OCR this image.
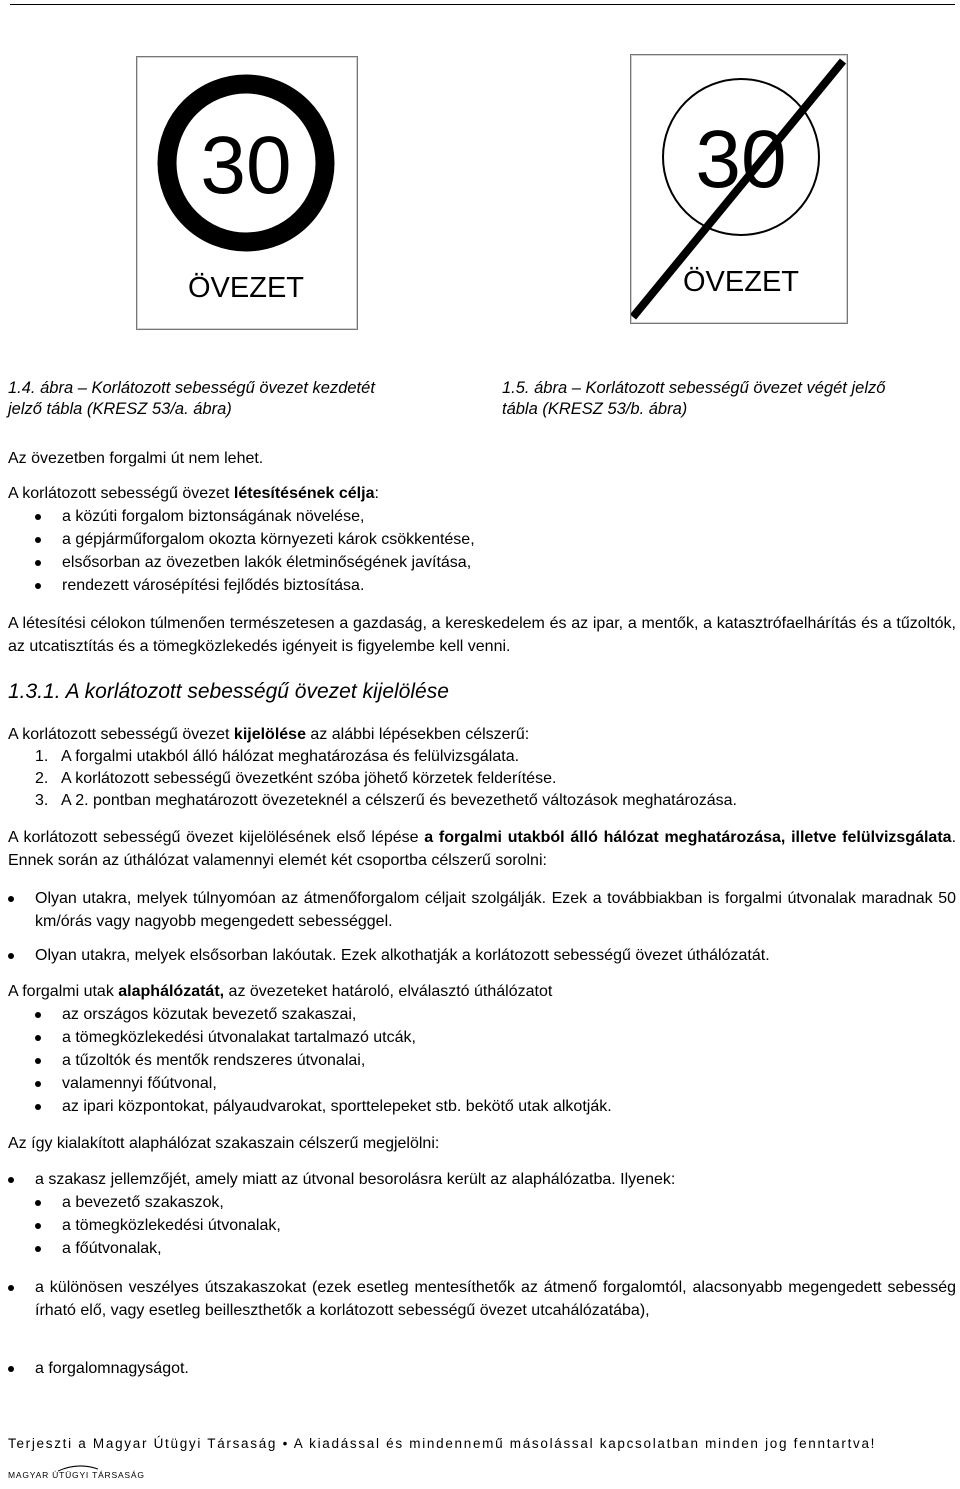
30
ÖVEZET
30
ÖVEZET
1.4. ábra – Korlátozott sebességű övezet kezdetét
jelző tábla (KRESZ 53/a. ábra)
1.5. ábra – Korlátozott sebességű övezet végét jelző
tábla (KRESZ 53/b. ábra)

Az övezetben forgalmi út nem lehet.

A korlátozott sebességű övezet létesítésének célja:

a közúti forgalom biztonságának növelése,
a gépjárműforgalom okozta környezeti károk csökkentése,
elsősorban az övezetben lakók életminőségének javítása,
rendezett városépítési fejlődés biztosítása.

A létesítési célokon túlmenően természetesen a gazdaság, a kereskedelem és az ipar, a mentők, a katasztrófaelhárítás és a tűzoltók, az utcatisztítás és a tömegközlekedés igényeit is figyelembe kell venni.

1.3.1. A korlátozott sebességű övezet kijelölése

A korlátozott sebességű övezet kijelölése az alábbi lépésekben célszerű:

1. A forgalmi utakból álló hálózat meghatározása és felülvizsgálata.
2. A korlátozott sebességű övezetként szóba jöhető körzetek felderítése.
3. A 2. pontban meghatározott övezeteknél a célszerű és bevezethető változások meghatározása.

A korlátozott sebességű övezet kijelölésének első lépése a forgalmi utakból álló hálózat meghatározása, illetve felülvizsgálata. Ennek során az úthálózat valamennyi elemét két csoportba célszerű sorolni:

Olyan utakra, melyek túlnyomóan az átmenőforgalom céljait szolgálják. Ezek a továbbiakban is forgalmi útvonalak maradnak 50 km/órás vagy nagyobb megengedett sebességgel.
Olyan utakra, melyek elsősorban lakóutak. Ezek alkothatják a korlátozott sebességű övezet úthálózatát.

A forgalmi utak alaphálózatát, az övezeteket határoló, elválasztó úthálózatot

az országos közutak bevezető szakaszai,
a tömegközlekedési útvonalakat tartalmazó utcák,
a tűzoltók és mentők rendszeres útvonalai,
valamennyi főútvonal,
az ipari központokat, pályaudvarokat, sporttelepeket stb. bekötő utak alkotják.

Az így kialakított alaphálózat szakaszain célszerű megjelölni:

a szakasz jellemzőjét, amely miatt az útvonal besorolásra került az alaphálózatba. Ilyenek:
a bevezető szakaszok,
a tömegközlekedési útvonalak,
a főútvonalak,
a különösen veszélyes útszakaszokat (ezek esetleg mentesíthetők az átmenő forgalomtól, alacsonyabb megengedett sebesség írható elő, vagy esetleg beilleszthetők a korlátozott sebességű övezet utcahálózatába),
a forgalomnagyságot.
Terjeszti a Magyar Útügyi Társaság • A kiadással és mindennemű másolással kapcsolatban minden jog fenntartva!
MAGYAR ÚTÜGYI TÁRSASÁG
